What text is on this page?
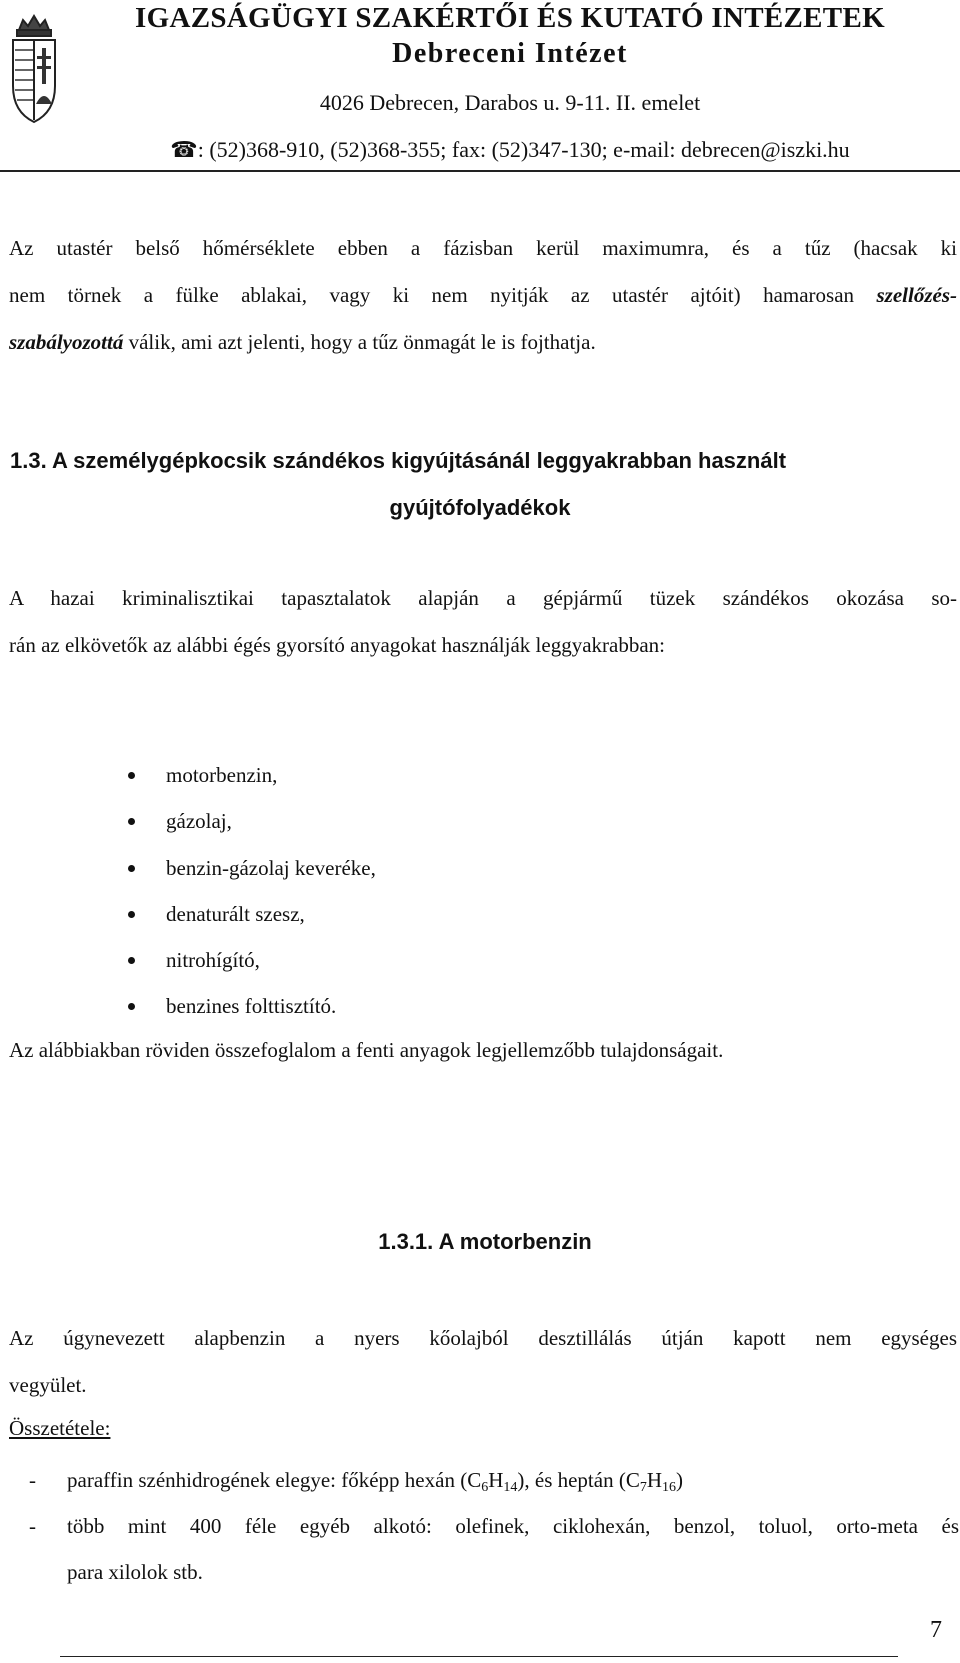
IGAZSÁGÜGYI SZAKÉRTŐI ÉS KUTATÓ INTÉZETEK
Debreceni Intézet
4026 Debrecen, Darabos u. 9-11. II. emelet
☎: (52)368-910, (52)368-355; fax: (52)347-130; e-mail: debrecen@iszki.hu
Az utastér belső hőmérséklete ebben a fázisban kerül maximumra, és a tűz (hacsak ki
nem törnek a fülke ablakai, vagy ki nem nyitják az utastér ajtóit) hamarosan szellőzés-
szabályozottá válik, ami azt jelenti, hogy a tűz önmagát le is fojthatja.
1.3. A személygépkocsik szándékos kigyújtásánál leggyakrabban használt
gyújtófolyadékok
A hazai kriminalisztikai tapasztalatok alapján a gépjármű tüzek szándékos okozása so-
rán az elkövetők az alábbi égés gyorsító anyagokat használják leggyakrabban:
motorbenzin,
gázolaj,
benzin-gázolaj keveréke,
denaturált szesz,
nitrohígító,
benzines folttisztító.
Az alábbiakban röviden összefoglalom a fenti anyagok legjellemzőbb tulajdonságait.
1.3.1. A motorbenzin
Az úgynevezett alapbenzin a nyers kőolajból desztillálás útján kapott nem egységes
vegyület.
Összetétele:
- paraffin szénhidrogének elegye: főképp hexán $(C_6H_{14})$, és heptán $(C_7H_{16})$
- több mint 400 féle egyéb alkotó: olefinek, ciklohexán, benzol, toluol, orto-meta és
para xilolok stb.
7
